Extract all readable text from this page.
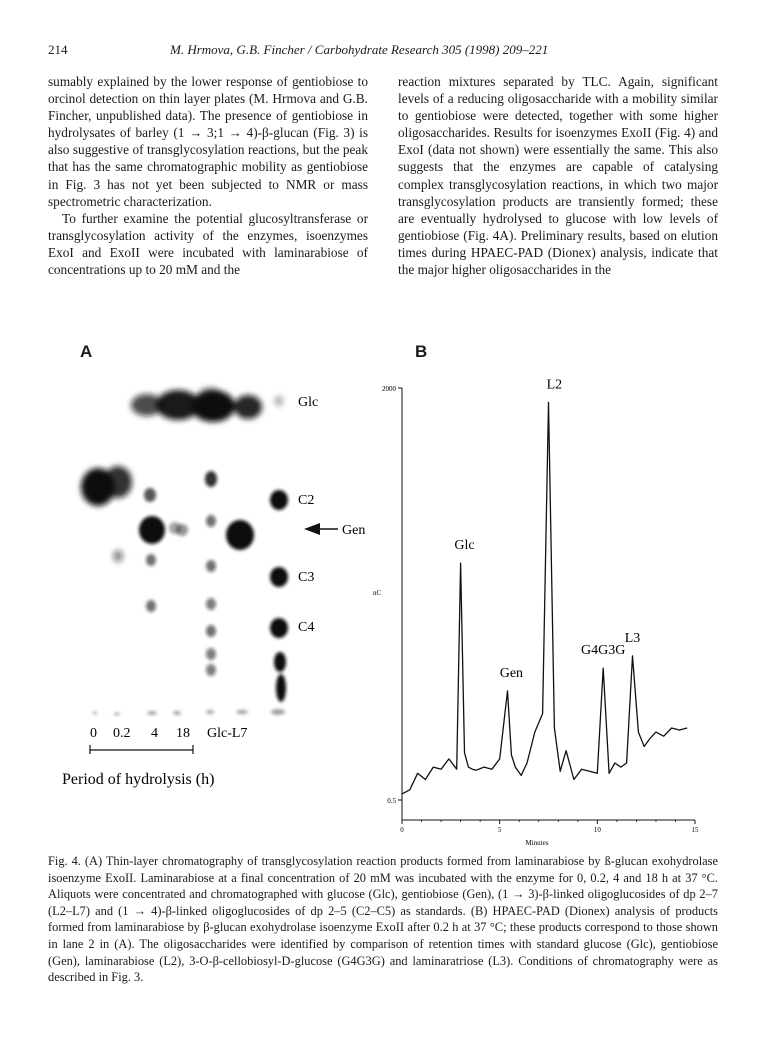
214	M. Hrmova, G.B. Fincher / Carbohydrate Research 305 (1998) 209–221

sumably explained by the lower response of gentiobiose to orcinol detection on thin layer plates (M. Hrmova and G.B. Fincher, unpublished data). The presence of gentiobiose in hydrolysates of barley (1 → 3;1 → 4)-β-glucan (Fig. 3) is also suggestive of transglycosylation reactions, but the peak that has the same chromatographic mobility as gentiobiose in Fig. 3 has not yet been subjected to NMR or mass spectrometric characterization.

To further examine the potential glucosyltransferase or transglycosylation activity of the enzymes, isoenzymes ExoI and ExoII were incubated with laminarabiose of concentrations up to 20 mM and the

reaction mixtures separated by TLC. Again, significant levels of a reducing oligosaccharide with a mobility similar to gentiobiose were detected, together with some higher oligosaccharides. Results for isoenzymes ExoII (Fig. 4) and ExoI (data not shown) were essentially the same. This also suggests that the enzymes are capable of catalysing complex transglycosylation reactions, in which two major transglycosylation products are transiently formed; these are eventually hydrolysed to glucose with low levels of gentiobiose (Fig. 4A). Preliminary results, based on elution times during HPAEC-PAD (Dionex) analysis, indicate that the major higher oligosaccharides in the

A
Glc
C2
Gen
C3
C4
0 0.2 4 18 Glc-L7
Period of hydrolysis (h)
B
0	5	10	15
0.5
2000
Glc
Gen
L2
G4G3G
L3
nC
Minutes

Fig. 4. (A) Thin-layer chromatography of transglycosylation reaction products formed from laminarabiose by ß-glucan exohydrolase isoenzyme ExoII. Laminarabiose at a final concentration of 20 mM was incubated with the enzyme for 0, 0.2, 4 and 18 h at 37 °C. Aliquots were concentrated and chromatographed with glucose (Glc), gentiobiose (Gen), (1 → 3)-β-linked oligoglucosides of dp 2–7 (L2–L7) and (1 → 4)-β-linked oligoglucosides of dp 2–5 (C2–C5) as standards. (B) HPAEC-PAD (Dionex) analysis of products formed from laminarabiose by β-glucan exohydrolase isoenzyme ExoII after 0.2 h at 37 °C; these products correspond to those shown in lane 2 in (A). The oligosaccharides were identified by comparison of retention times with standard glucose (Glc), gentiobiose (Gen), laminarabiose (L2), 3-O-β-cellobiosyl-D-glucose (G4G3G) and laminaratriose (L3). Conditions of chromatography were as described in Fig. 3.
